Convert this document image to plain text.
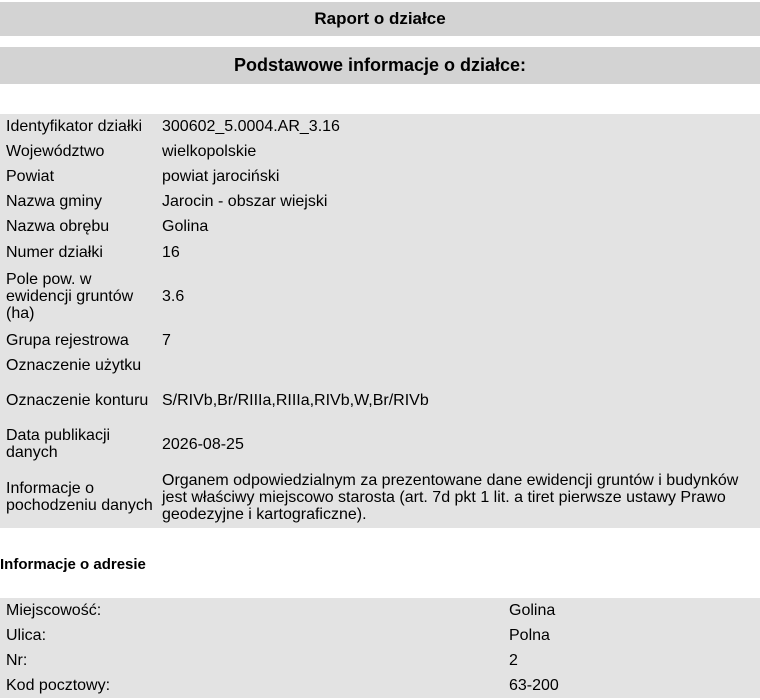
Raport o działce
Podstawowe informacje o działce:
Identyfikator działki	300602_5.0004.AR_3.16
Województwo	wielkopolskie
Powiat	powiat jarociński
Nazwa gminy	Jarocin - obszar wiejski
Nazwa obrębu	Golina
Numer działki	16
Pole pow. w ewidencji gruntów (ha)	3.6
Grupa rejestrowa	7
Oznaczenie użytku	
Oznaczenie konturu	S/RIVb,Br/RIIIa,RIIIa,RIVb,W,Br/RIVb
Data publikacji danych	2026-08-25
Informacje o pochodzeniu danych	Organem odpowiedzialnym za prezentowane dane ewidencji gruntów i budynków jest właściwy miejscowo starosta (art. 7d pkt 1 lit. a tiret pierwsze ustawy Prawo geodezyjne i kartograficzne).
Informacje o adresie
Miejscowość:	Golina
Ulica:	Polna
Nr:	2
Kod pocztowy:	63-200
